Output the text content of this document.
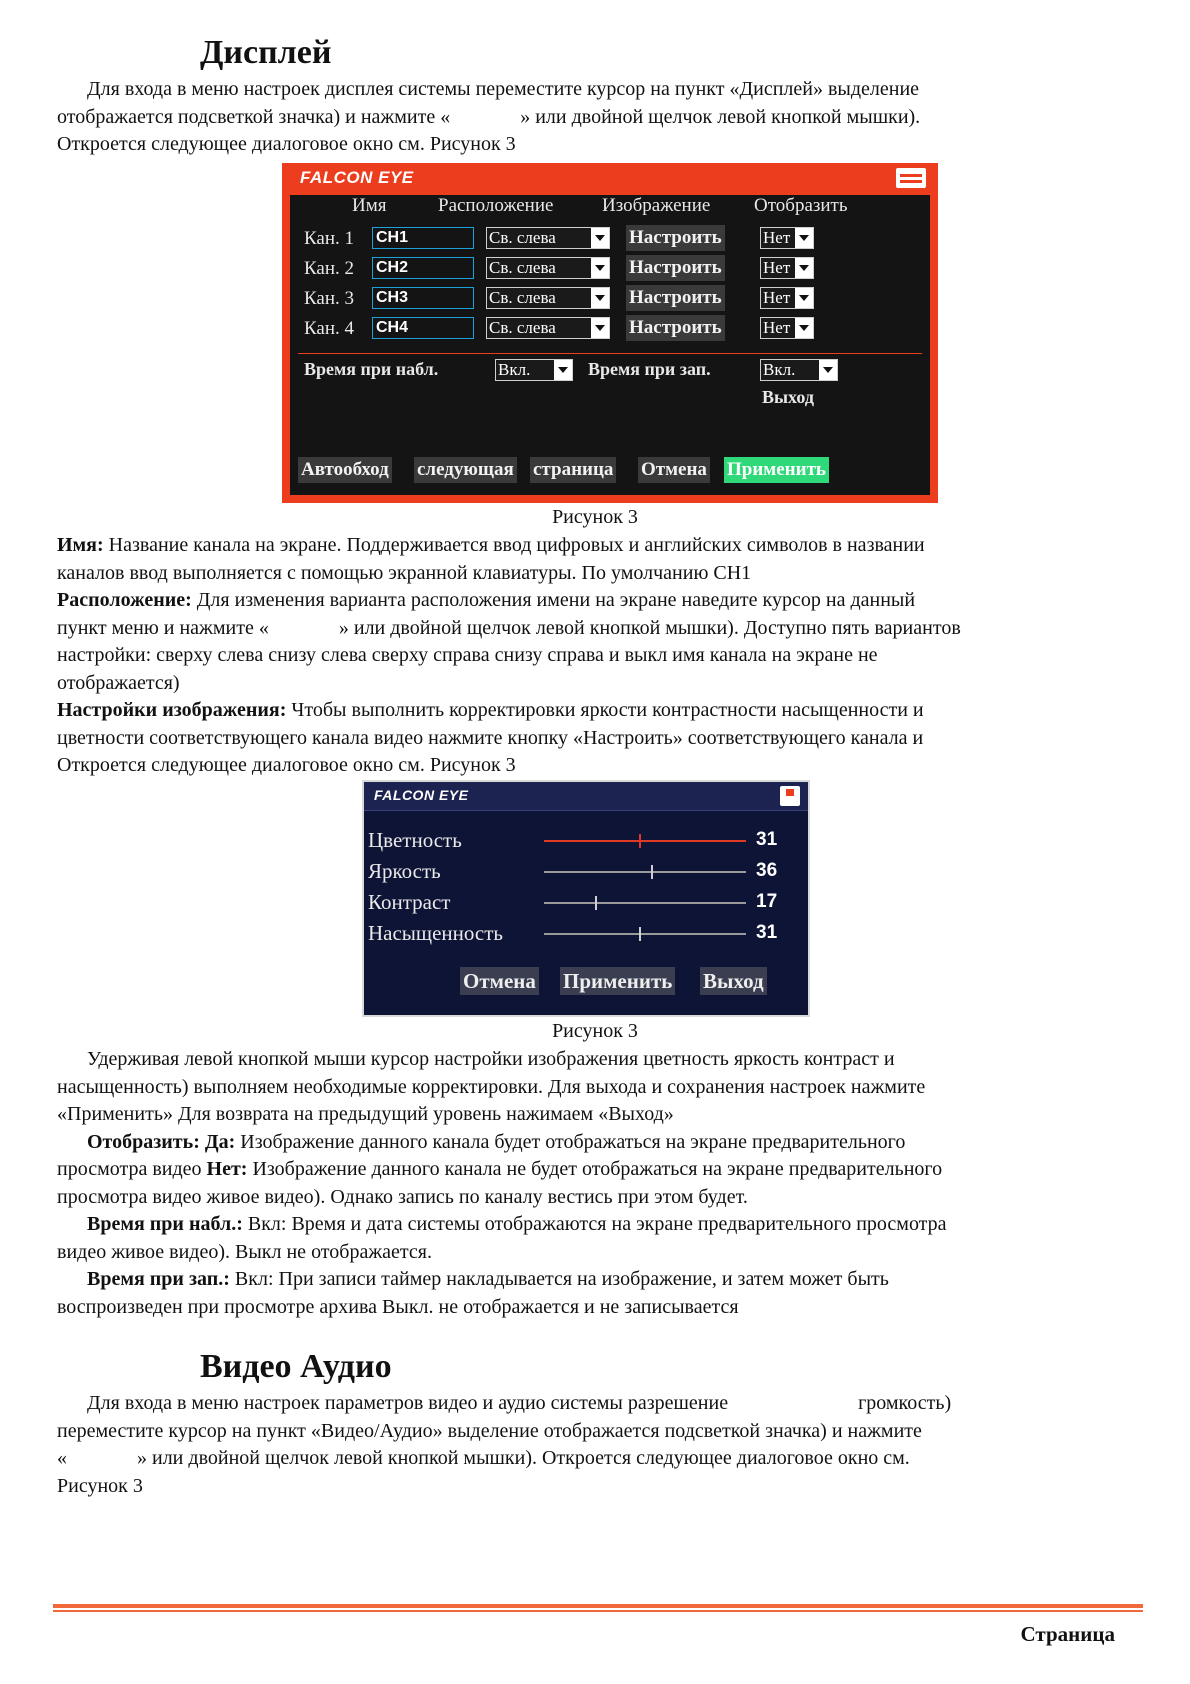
Дисплей
Для входа в меню настроек дисплея системы переместите курсор на пункт «Дисплей» выделение
отображается подсветкой значка) и нажмите «	» или двойной щелчок левой кнопкой мышки).
Откроется следующее диалоговое окно см. Рисунок 3
FALCON EYE
Имя	Расположение	Изображение Отобразить
Кан. 1 CH1	Св. слева	Настроить Нет
Кан. 2 CH2	Св. слева	Настроить Нет
Кан. 3 CH3	Св. слева	Настроить Нет
Кан. 4 CH4	Св. слева	Настроить Нет
Время при набл.	Вкл.	Время при зап.	Вкл.
Выход
Автообход следующая страница Отмена Применить

Рисунок 3

Имя: Название канала на экране. Поддерживается ввод цифровых и английских символов в названии
каналов ввод выполняется с помощью экранной клавиатуры. По умолчанию CH1
Расположение: Для изменения варианта расположения имени на экране наведите курсор на данный
пункт меню и нажмите «	» или двойной щелчок левой кнопкой мышки). Доступно пять вариантов
настройки: сверху слева снизу слева сверху справа снизу справа и выкл имя канала на экране не
отображается)
Настройки изображения: Чтобы выполнить корректировки яркости контрастности насыщенности и
цветности соответствующего канала видео нажмите кнопку «Настроить» соответствующего канала и
Откроется следующее диалоговое окно см. Рисунок 3
FALCON EYE
Цветность	31
Яркость	36
Контраст	17
Насыщенность	31
Отмена Применить Выход

Рисунок 3

Удерживая левой кнопкой мыши курсор настройки изображения цветность яркость контраст и
насыщенность) выполняем необходимые корректировки. Для выхода и сохранения настроек нажмите
«Применить» Для возврата на предыдущий уровень нажимаем «Выход»
Отобразить: Да: Изображение данного канала будет отображаться на экране предварительного
просмотра видео Нет: Изображение данного канала не будет отображаться на экране предварительного
просмотра видео живое видео). Однако запись по каналу вестись при этом будет.
Время при набл.: Вкл: Время и дата системы отображаются на экране предварительного просмотра
видео живое видео). Выкл не отображается.
Время при зап.: Вкл: При записи таймер накладывается на изображение, и затем может быть
воспроизведен при просмотре архива Выкл. не отображается и не записывается
Видео Аудио
Для входа в меню настроек параметров видео и аудио системы разрешение	громкость)
переместите курсор на пункт «Видео/Аудио» выделение отображается подсветкой значка) и нажмите
«	» или двойной щелчок левой кнопкой мышки). Откроется следующее диалоговое окно см.
Рисунок 3
Страница
